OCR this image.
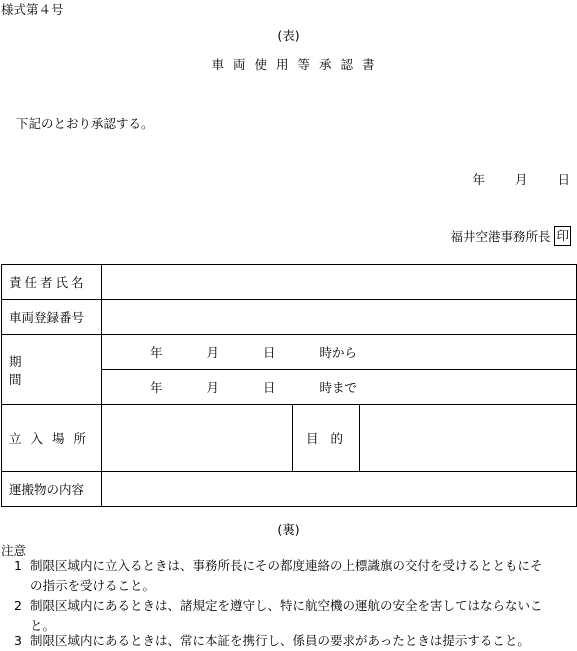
様式第４号
(表)
車両使用等承認書
下記のとおり承認する。
年 月 日
福井空港事務所長 印
責任者氏名			

車両登録番号			

期間	年 月 日 時から		

	年 月 日 時まで		

立入場所		目的	

運搬物の内容			

(裏)
注意
1 制限区域内に立入るときは、事務所長にその都度連絡の上標識旗の交付を受けるとともにそ
の指示を受けること。
2 制限区域内にあるときは、諸規定を遵守し、特に航空機の運航の安全を害してはならないこ
と。
3 制限区域内にあるときは、常に本証を携行し、係員の要求があったときは提示すること。
